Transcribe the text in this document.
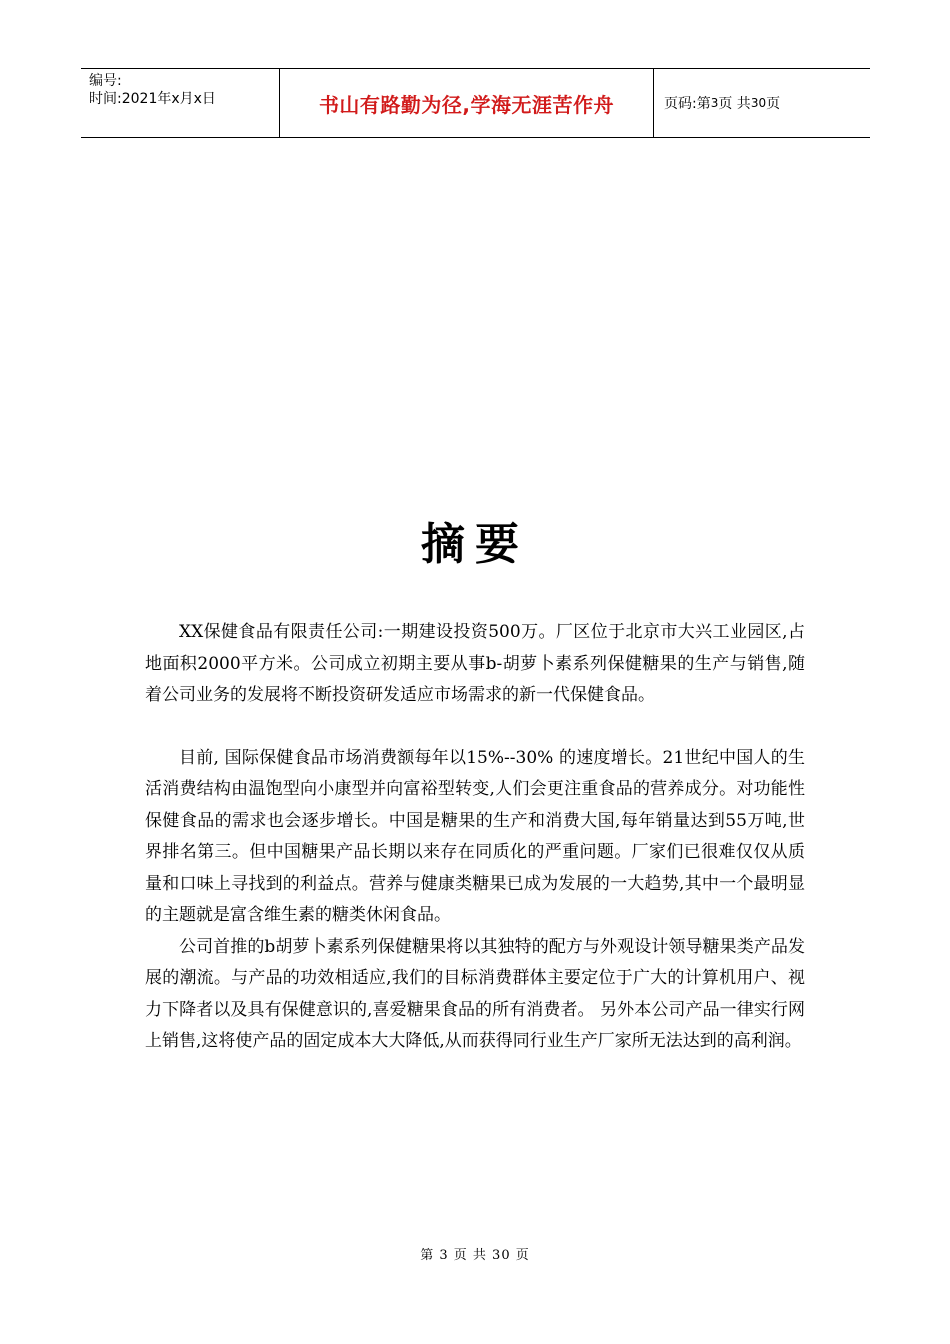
编号:
时间:2021年x月x日	书山有路勤为径,学海无涯苦作舟	页码:第 3 页 共 30 页
摘要

XX保健食品有限责任公司:一期建设投资500万。厂区位于北京市大兴工业园区,占地面积2000平方米。公司成立初期主要从事b-胡萝卜素系列保健糖果的生产与销售,随着公司业务的发展将不断投资研发适应市场需求的新一代保健食品。

目前, 国际保健食品市场消费额每年以15%--30% 的速度增长。21世纪中国人的生活消费结构由温饱型向小康型并向富裕型转变,人们会更注重食品的营养成分。对功能性保健食品的需求也会逐步增长。中国是糖果的生产和消费大国,每年销量达到55万吨,世界排名第三。但中国糖果产品长期以来存在同质化的严重问题。厂家们已很难仅仅从质量和口味上寻找到的利益点。营养与健康类糖果已成为发展的一大趋势,其中一个最明显的主题就是富含维生素的糖类休闲食品。

公司首推的b胡萝卜素系列保健糖果将以其独特的配方与外观设计领导糖果类产品发展的潮流。与产品的功效相适应,我们的目标消费群体主要定位于广大的计算机用户、视力下降者以及具有保健意识的,喜爱糖果食品的所有消费者。 另外本公司产品一律实行网上销售,这将使产品的固定成本大大降低,从而获得同行业生产厂家所无法达到的高利润。

第 3 页 共 30 页
